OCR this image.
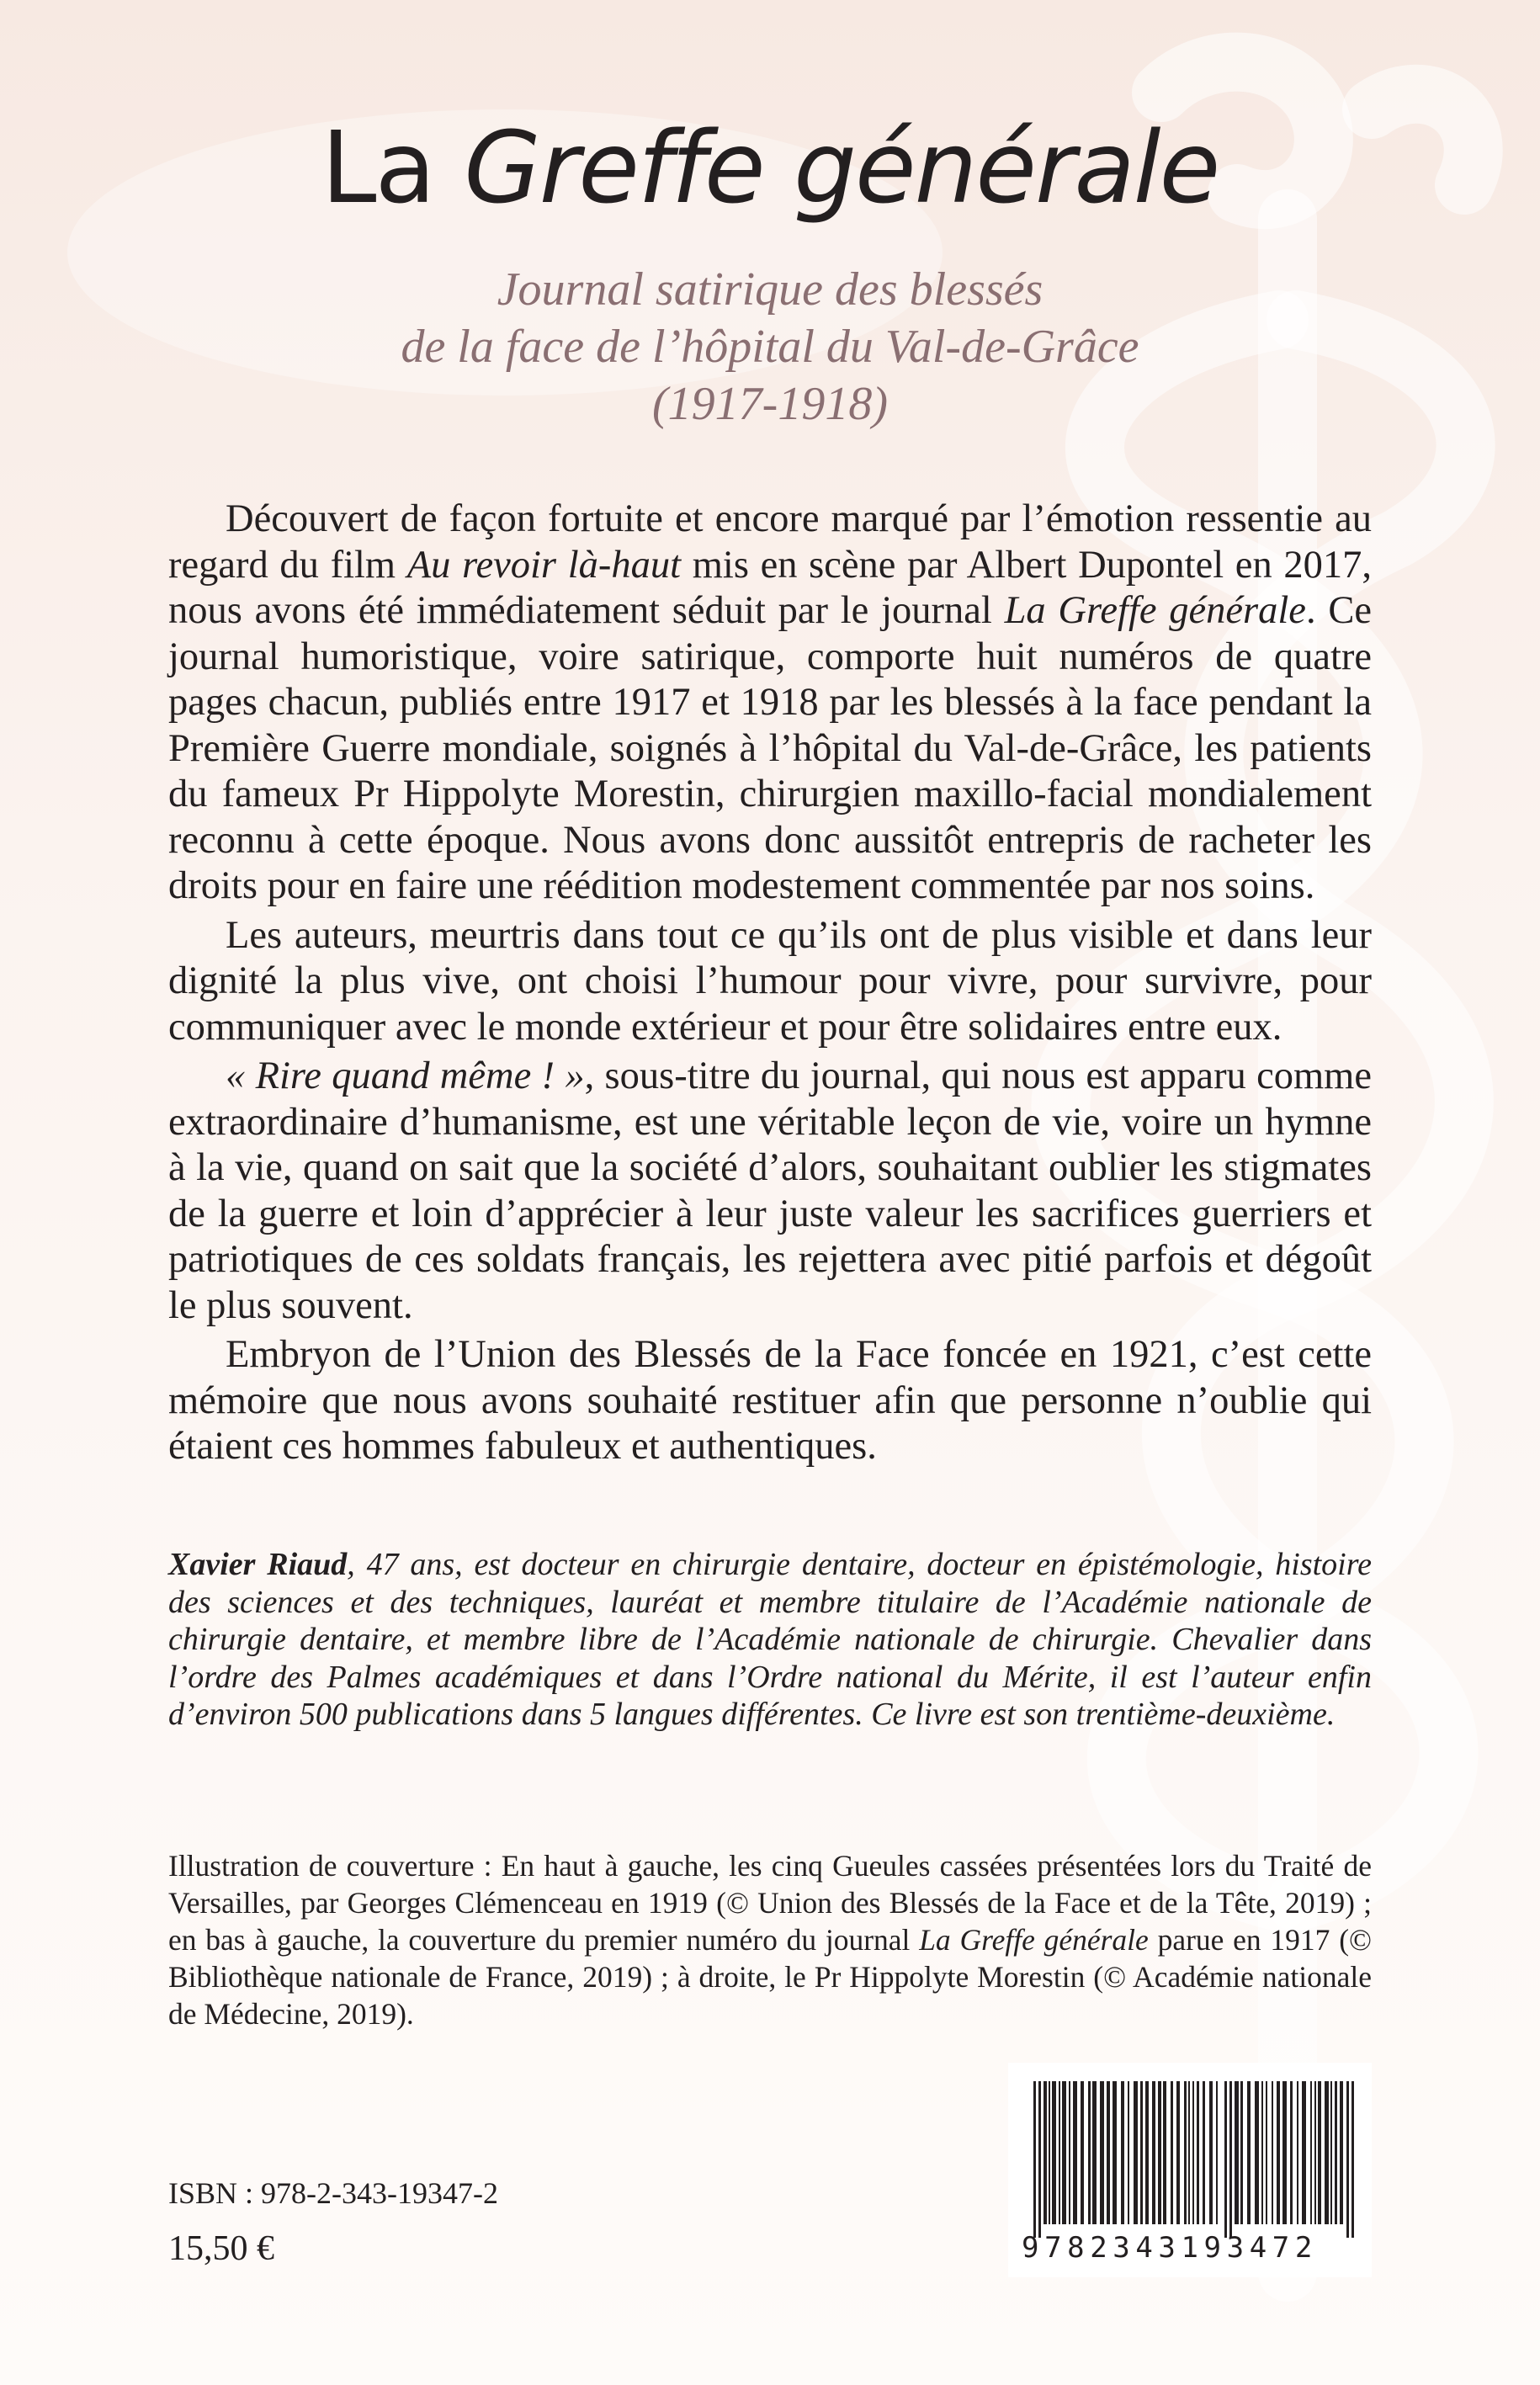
La Greffe générale
Journal satirique des blessés
de la face de l’hôpital du Val-de-Grâce
(1917-1918)

Découvert de façon fortuite et encore marqué par l’émotion ressentie au regard du film Au revoir là-haut mis en scène par Albert Dupontel en 2017, nous avons été immédiatement séduit par le journal La Greffe générale. Ce journal humoristique, voire satirique, comporte huit numéros de quatre pages chacun, publiés entre 1917 et 1918 par les blessés à la face pendant la Première Guerre mondiale, soignés à l’hôpital du Val-de-Grâce, les patients du fameux Pr Hippolyte Morestin, chirurgien maxillo-facial mondialement reconnu à cette époque. Nous avons donc aussitôt entrepris de racheter les droits pour en faire une réédition modestement commentée par nos soins.

Les auteurs, meurtris dans tout ce qu’ils ont de plus visible et dans leur dignité la plus vive, ont choisi l’humour pour vivre, pour survivre, pour communiquer avec le monde extérieur et pour être solidaires entre eux.

« Rire quand même ! », sous-titre du journal, qui nous est apparu comme extraordinaire d’humanisme, est une véritable leçon de vie, voire un hymne à la vie, quand on sait que la société d’alors, souhaitant oublier les stigmates de la guerre et loin d’apprécier à leur juste valeur les sacrifices guerriers et patriotiques de ces soldats français, les rejettera avec pitié parfois et dégoût le plus souvent.

Embryon de l’Union des Blessés de la Face foncée en 1921, c’est cette mémoire que nous avons souhaité restituer afin que personne n’oublie qui étaient ces hommes fabuleux et authentiques.

Xavier Riaud, 47 ans, est docteur en chirurgie dentaire, docteur en épistémologie, histoire des sciences et des techniques, lauréat et membre titulaire de l’Académie nationale de chirurgie dentaire, et membre libre de l’Académie nationale de chirurgie. Chevalier dans l’ordre des Palmes académiques et dans l’Ordre national du Mérite, il est l’auteur enfin d’environ 500 publications dans 5 langues différentes. Ce livre est son trentième-deuxième.

Illustration de couverture : En haut à gauche, les cinq Gueules cassées présentées lors du Traité de Versailles, par Georges Clémenceau en 1919 (© Union des Blessés de la Face et de la Tête, 2019) ; en bas à gauche, la couverture du premier numéro du journal La Greffe générale parue en 1917 (© Bibliothèque nationale de France, 2019) ; à droite, le Pr Hippolyte Morestin (© Académie nationale de Médecine, 2019).

ISBN : 978-2-343-19347-2
15,50 €	9782343193472
